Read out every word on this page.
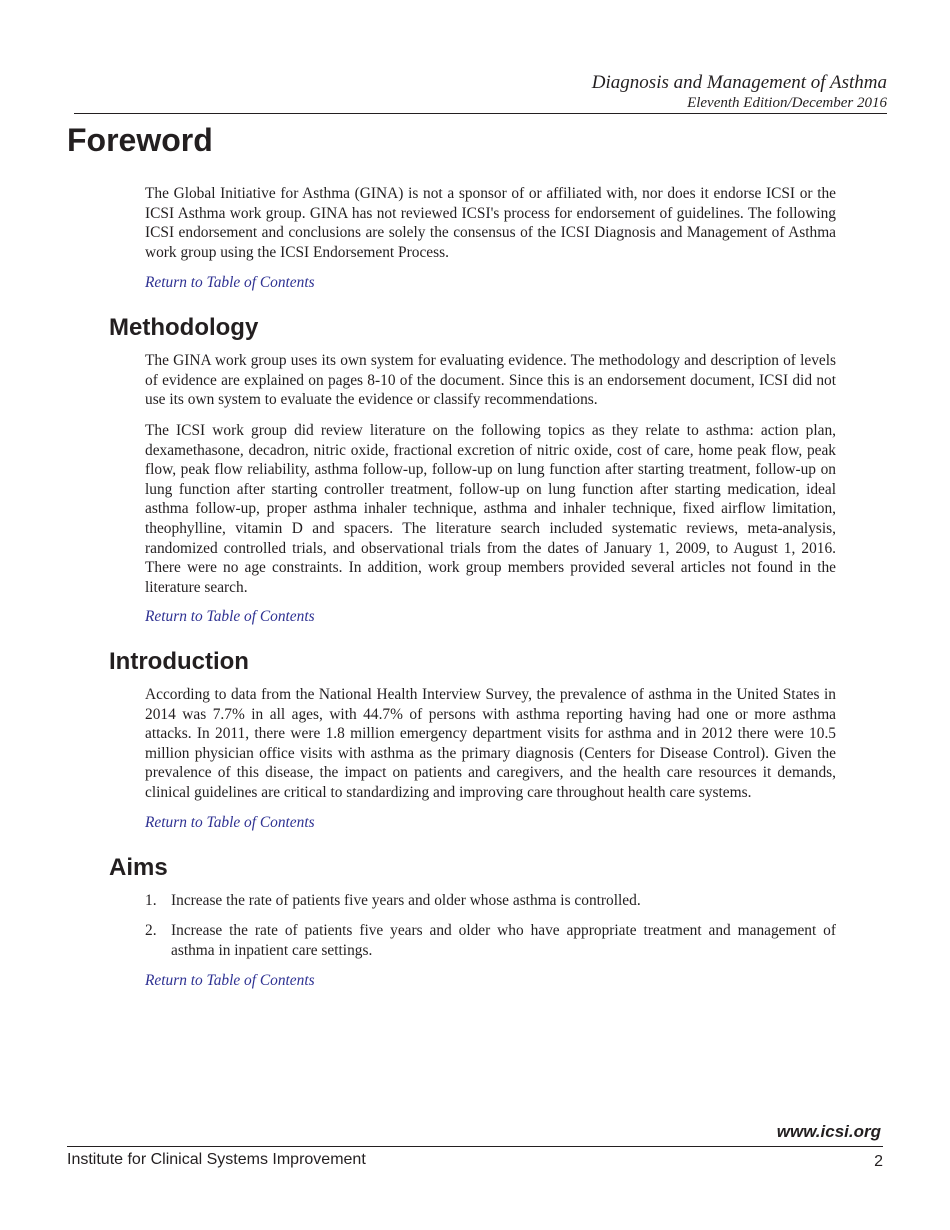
Diagnosis and Management of Asthma
Eleventh Edition/December 2016
Foreword

The Global Initiative for Asthma (GINA) is not a sponsor of or affiliated with, nor does it endorse ICSI or the ICSI Asthma work group. GINA has not reviewed ICSI's process for endorsement of guidelines. The following ICSI endorsement and conclusions are solely the consensus of the ICSI Diagnosis and Management of Asthma work group using the ICSI Endorsement Process.

Return to Table of Contents
Methodology

The GINA work group uses its own system for evaluating evidence. The methodology and description of levels of evidence are explained on pages 8-10 of the document. Since this is an endorsement document, ICSI did not use its own system to evaluate the evidence or classify recommendations.

The ICSI work group did review literature on the following topics as they relate to asthma: action plan, dexamethasone, decadron, nitric oxide, fractional excretion of nitric oxide, cost of care, home peak flow, peak flow, peak flow reliability, asthma follow-up, follow-up on lung function after starting treatment, follow-up on lung function after starting controller treatment, follow-up on lung function after starting medication, ideal asthma follow-up, proper asthma inhaler technique, asthma and inhaler technique, fixed airflow limitation, theophylline, vitamin D and spacers. The literature search included systematic reviews, meta-analysis, randomized controlled trials, and observational trials from the dates of January 1, 2009, to August 1, 2016. There were no age constraints. In addition, work group members provided several articles not found in the literature search.

Return to Table of Contents
Introduction

According to data from the National Health Interview Survey, the prevalence of asthma in the United States in 2014 was 7.7% in all ages, with 44.7% of persons with asthma reporting having had one or more asthma attacks. In 2011, there were 1.8 million emergency department visits for asthma and in 2012 there were 10.5 million physician office visits with asthma as the primary diagnosis (Centers for Disease Control). Given the prevalence of this disease, the impact on patients and caregivers, and the health care resources it demands, clinical guidelines are critical to standardizing and improving care throughout health care systems.

Return to Table of Contents
Aims
1. Increase the rate of patients five years and older whose asthma is controlled.

2. Increase the rate of patients five years and older who have appropriate treatment and management of asthma in inpatient care settings.

Return to Table of Contents
www.icsi.org
Institute for Clinical Systems Improvement	2
